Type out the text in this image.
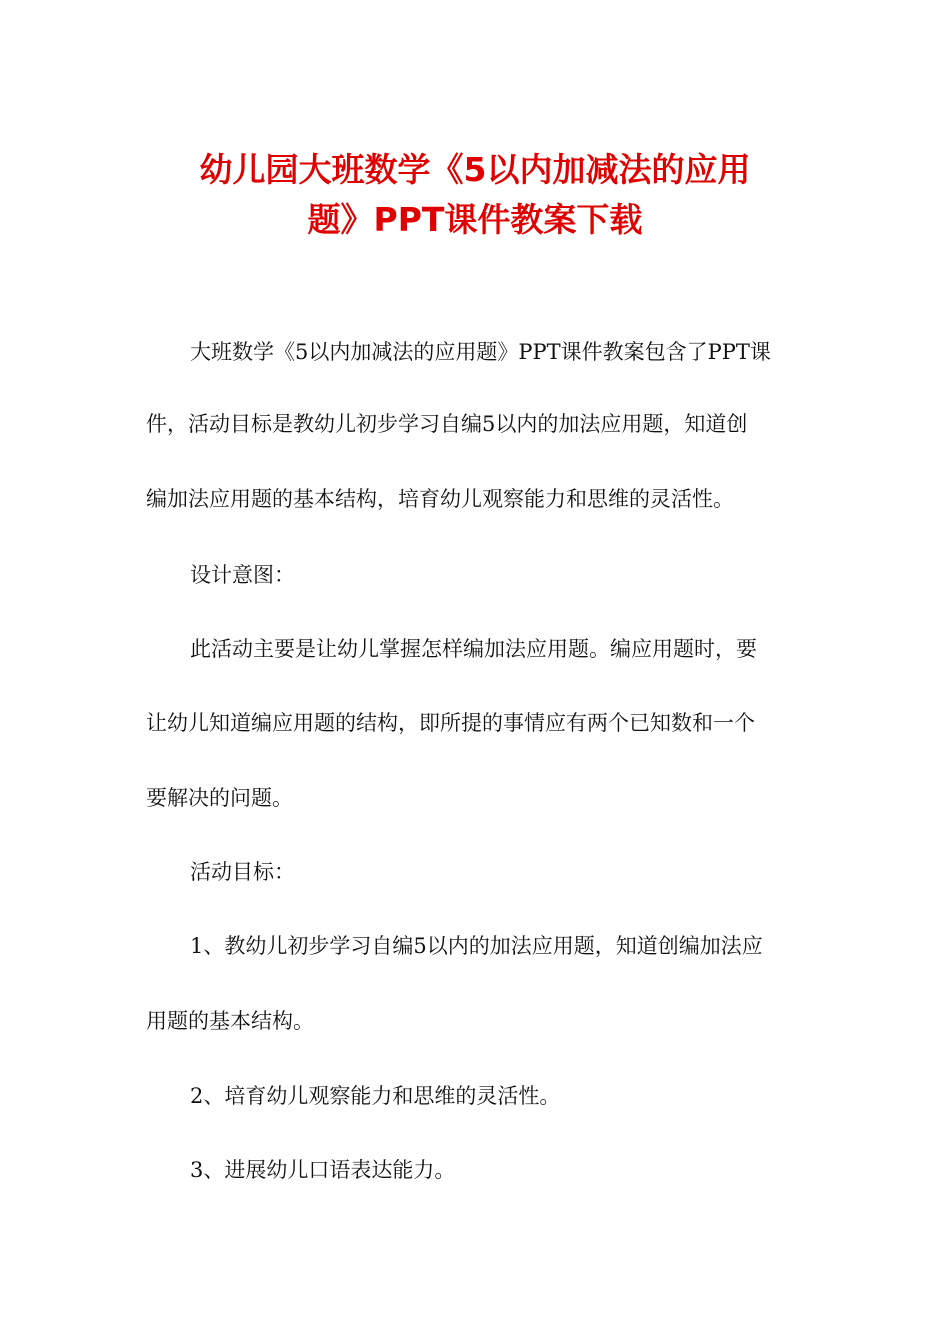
幼儿园大班数学《5以内加减法的应用
题》PPT课件教案下载

大班数学《5以内加减法的应用题》PPT课件教案包含了PPT课

件，活动目标是教幼儿初步学习自编5以内的加法应用题，知道创

编加法应用题的基本结构，培育幼儿观察能力和思维的灵活性。

设计意图：

此活动主要是让幼儿掌握怎样编加法应用题。编应用题时，要

让幼儿知道编应用题的结构，即所提的事情应有两个已知数和一个

要解决的问题。

活动目标：

1、教幼儿初步学习自编5以内的加法应用题，知道创编加法应

用题的基本结构。

2、培育幼儿观察能力和思维的灵活性。

3、进展幼儿口语表达能力。
